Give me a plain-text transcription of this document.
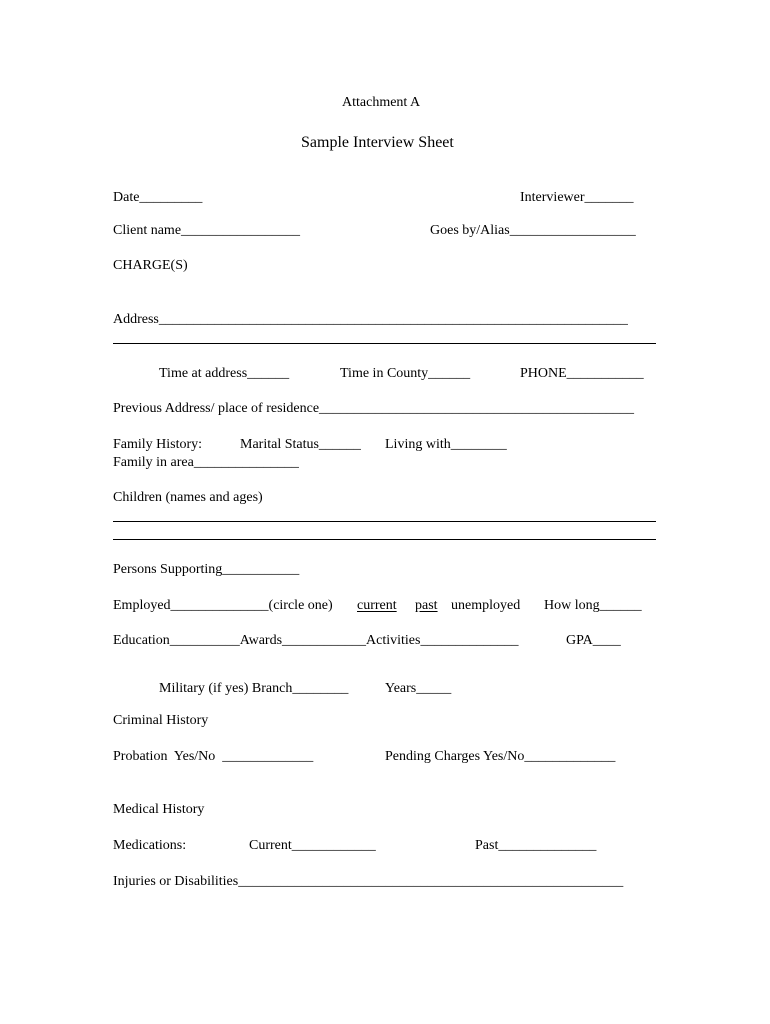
Attachment A
Sample Interview Sheet
Date_________	Interviewer_______
Client name_________________	Goes by/Alias__________________
CHARGE(S)
Address___________________________________________________________________
Time at address______	Time in County______	PHONE___________
Previous Address/ place of residence_____________________________________________
Family History:	Marital Status______ Living with________
Family in area_______________
Children (names and ages)
Persons Supporting___________
Employed______________(circle one) current past unemployed How long______
Education__________Awards____________Activities______________	GPA____
Military (if yes) Branch________	Years_____
Criminal History
Probation  Yes/No  _____________	Pending Charges Yes/No_____________
Medical History
Medications:	Current____________	Past______________
Injuries or Disabilities_______________________________________________________
